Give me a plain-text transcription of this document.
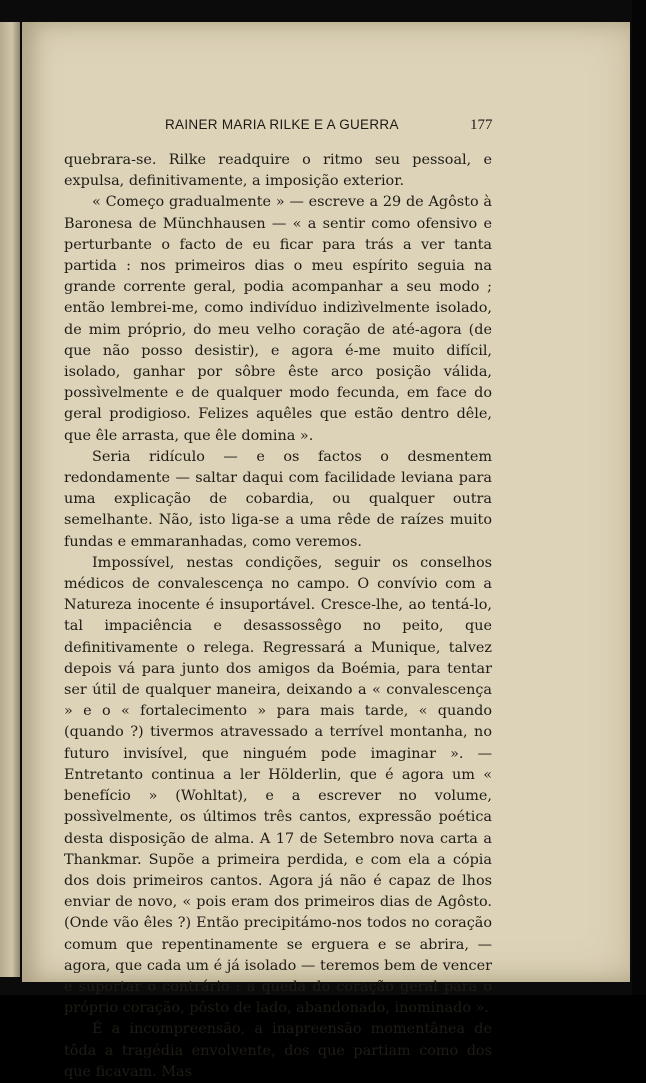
RAINER MARIA RILKE E A GUERRA	177

quebrara-se. Rilke readquire o ritmo seu pessoal, e expulsa, definitivamente, a imposição exterior.

« Começo gradualmente » — escreve a 29 de Agôsto à Baronesa de Münchhausen — « a sentir como ofensivo e perturbante o facto de eu ficar para trás a ver tanta partida : nos primeiros dias o meu espírito seguia na grande corrente geral, podia acompanhar a seu modo ; então lembrei-me, como indivíduo indizìvelmente isolado, de mim próprio, do meu velho coração de até-agora (de que não posso desistir), e agora é-me muito difícil, isolado, ganhar por sôbre êste arco posição válida, possìvelmente e de qualquer modo fecunda, em face do geral prodigioso. Felizes aquêles que estão dentro dêle, que êle arrasta, que êle domina ».

Seria ridículo — e os factos o desmentem redondamente — saltar daqui com facilidade leviana para uma explicação de cobardia, ou qualquer outra semelhante. Não, isto liga-se a uma rêde de raízes muito fundas e emmaranhadas, como veremos.

Impossível, nestas condições, seguir os conselhos médicos de convalescença no campo. O convívio com a Natureza inocente é insuportável. Cresce-lhe, ao tentá-lo, tal impaciência e desassossêgo no peito, que definitivamente o relega. Regressará a Munique, talvez depois vá para junto dos amigos da Boémia, para tentar ser útil de qualquer maneira, deixando a « convalescença » e o « fortalecimento » para mais tarde, « quando (quando ?) tivermos atravessado a terrível montanha, no futuro invisível, que ninguém pode imaginar ». — Entretanto continua a ler Hölderlin, que é agora um « benefício » (Wohltat), e a escrever no volume, possìvelmente, os últimos três cantos, expressão poética desta disposição de alma. A 17 de Setembro nova carta a Thankmar. Supõe a primeira perdida, e com ela a cópia dos dois primeiros cantos. Agora já não é capaz de lhos enviar de novo, « pois eram dos primeiros dias de Agôsto. (Onde vão êles ?) Então precipitámo-nos todos no coração comum que repentinamente se erguera e se abrira, — agora, que cada um é já isolado — teremos bem de vencer e suportar o contrário : a queda do coração geral para o próprio coração, pôsto de lado, abandonado, inominado ».

É a incompreensão, a inapreensão momentânea de tôda a tragédia envolvente, dos que partiam como dos que ficavam. Mas
